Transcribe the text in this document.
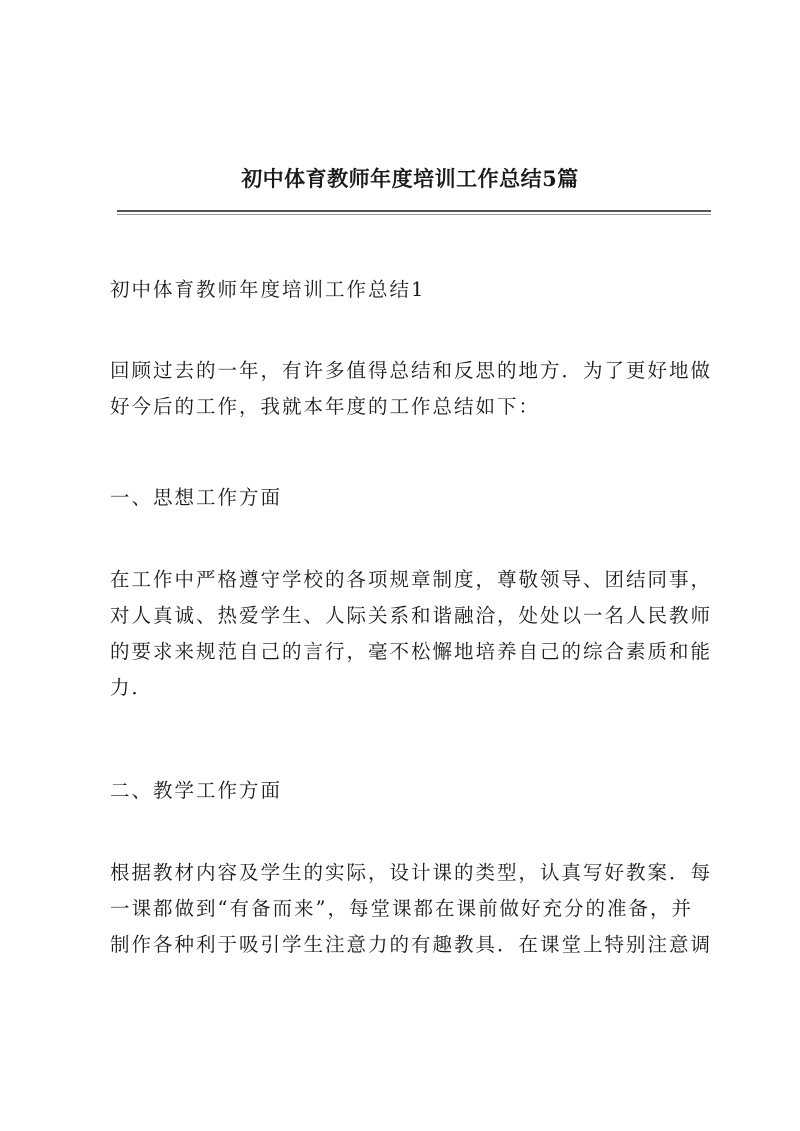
初中体育教师年度培训工作总结5篇
初中体育教师年度培训工作总结1
回顾过去的一年，有许多值得总结和反思的地方．为了更好地做
好今后的工作，我就本年度的工作总结如下：
一、思想工作方面
在工作中严格遵守学校的各项规章制度，尊敬领导、团结同事，
对人真诚、热爱学生、人际关系和谐融洽，处处以一名人民教师
的要求来规范自己的言行，毫不松懈地培养自己的综合素质和能
力．
二、教学工作方面
根据教材内容及学生的实际，设计课的类型，认真写好教案．每
一课都做到“有备而来”，每堂课都在课前做好充分的准备，并
制作各种利于吸引学生注意力的有趣教具．在课堂上特别注意调
